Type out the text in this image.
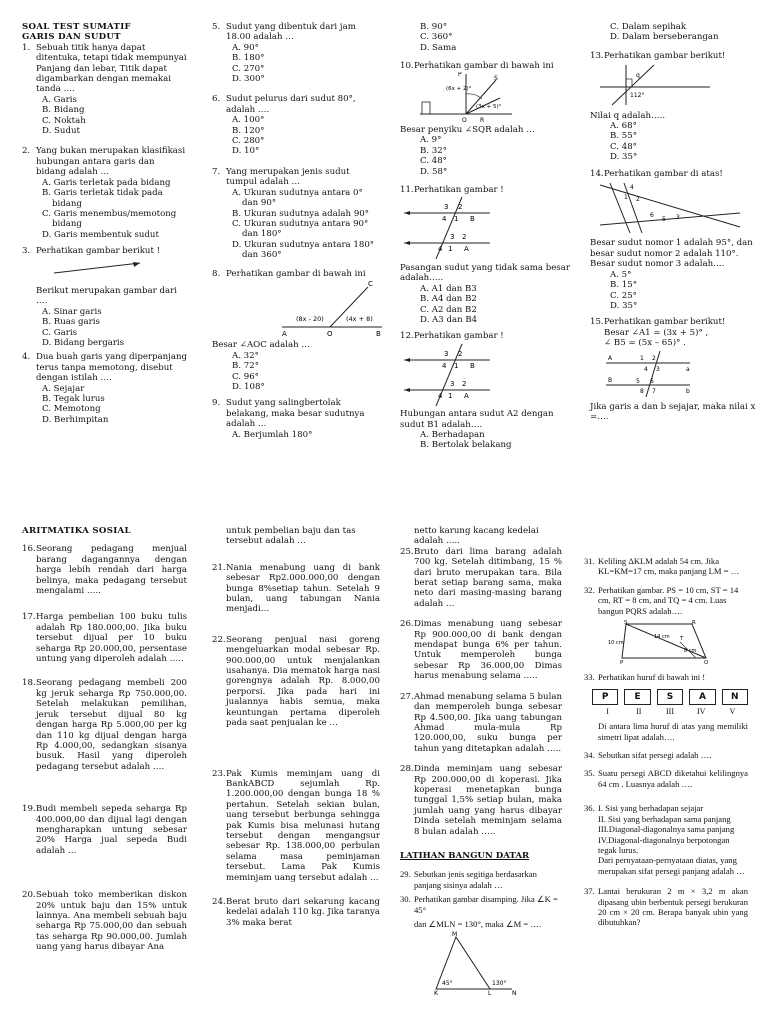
SOAL TEST SUMATIF
GARIS DAN SUDUT
1. Sebuah titik hanya dapat ditentuka, tetapi tidak mempunyai Panjang dan lebar, Titik dapat digambarkan dengan memakai tanda ….
A. Garis
B. Bidang
C. Noktah
D. Sudut
2. Yang bukan merupakan klasifikasi hubungan antara garis dan bidang adalah …
A. Garis terletak pada bidang
B. Garis terletak tidak pada bidang
C. Garis menembus/memotong bidang
D. Garis membentuk sudut
3. Perhatikan gambar berikut !
Berikut merupakan gambar dari ….
A. Sinar garis
B. Ruas garis
C. Garis
D. Bidang bergaris
4. Dua buah garis yang diperpanjang terus tanpa memotong, disebut dengan istilah ….
A. Sejajar
B. Tegak lurus
C. Memotong
D. Berhimpitan
5. Sudut yang dibentuk dari jam 18.00 adalah …
A. 90°
B. 180°
C. 270°
D. 300°
6. Sudut pelurus dari sudut 80°, adalah ….
A. 100°
B. 120°
C. 280°
D. 10°
7. Yang merupakan jenis sudut tumpul adalah …
A. Ukuran sudutnya antara 0° dan 90°
B. Ukuran sudutnya adalah 90°
C. Ukuran sudutnya antara 90° dan 180°
D. Ukuran sudutnya antara 180° dan 360°
8. Perhatikan gambar di bawah ini
(8x - 20)	(4x + 8)
A	O	B
C
Besar ∠AOC adalah …
A. 32°
B. 72°
C. 96°
D. 108°
9. Sudut yang salingbertolak belakang, maka besar sudutnya adalah …
A. Berjumlah 180°
B. 90°
C. 360°
D. Sama
10. Perhatikan gambar di bawah ini
(6x + 2)°
(3x + 5)°
P
S
Q R
Besar penyiku ∠SQR adalah …
A. 9°
B. 32°
C. 48°
D. 58°
11. Perhatikan gambar !
3 2
4 1 B
3 2
4 1 A
Pasangan sudut yang tidak sama besar adalah…..
A. A1 dan B3
B. A4 dan B2
C. A2 dan B2
D. A3 dan B4
12. Perhatikan gambar !
3 2
4 1 B
3 2
4 1 A
Hubungan antara sudut A2 dengan sudut B1 adalah….
A. Berhadapan
B. Bertolak belakang
C. Dalam sepihak
D. Dalam berseberangan
13. Perhatikan gambar berikut!
112°
q
Nilai q adalah…..
A. 68°
B. 55°
C. 48°
D. 35°
14. Perhatikan gambar di atas!
4
1 2
6
5 3
Besar sudut nomor 1 adalah 95°, dan besar sudut nomor 2 adalah 110°. Besar sudut nomor 3 adalah….
A. 5°
B. 15°
C. 25°
D. 35°
15. Perhatikan gambar berikut!
Besar ∠A1 = (3x + 5)° ,
∠ B5 = (5x – 65)° .
A
B
1 2
4 3	a
5 6
8 7	b
Jika garis a dan b sejajar, maka nilai x =….
ARITMATIKA SOSIAL
16. Seorang pedagang menjual barang dagangannya dengan harga lebih rendah dari harga belinya, maka pedagang tersebut mengalami …..
17. Harga pembelian 100 buku tulis adalah Rp 180.000,00. Jika buku tersebut dijual per 10 buku seharga Rp 20.000,00, persentase untung yang diperoleh adalah …..
18. Seorang pedagang membeli 200 kg jeruk seharga Rp 750.000,00. Setelah melakukan pemilihan, jeruk tersebut dijual 80 kg dengan harga Rp 5.000,00 per kg dan 110 kg dijual dengan harga Rp 4.000,00, sedangkan sisanya busuk. Hasil yang diperoleh pedagang tersebut adalah ….
19. Budi membeli sepeda seharga Rp 400.000,00 dan dijual lagi dengan mengharapkan untung sebesar 20% Harga jual sepeda Budi adalah …
20. Sebuah toko memberikan diskon 20% untuk baju dan 15% untuk lainnya. Ana membeli sebuah baju seharga Rp 75.000,00 dan sebuah tas seharga Rp 90.000,00. Jumlah uang yang harus dibayar Ana
untuk pembelian baju dan tas tersebut adalah …
21. Nania menabung uang di bank sebesar Rp2.000.000,00 dengan bunga 8%setiap tahun. Setelah 9 bulan, uang tabungan Nania menjadi…
22. Seorang penjual nasi goreng mengeluarkan modal sebesar Rp. 900.000,00 untuk menjalankan usahanya. Dia mematok harga nasi gorengnya adalah Rp. 8.000,00 perporsi. Jika pada hari ini jualannya habis semua, maka keuntungan pertama diperoleh pada saat penjualan ke …
23. Pak Kumis meminjam uang di BankABCD sejumlah Rp. 1.200.000,00 dengan bunga 18 % pertahun. Setelah sekian bulan, uang tersebut berbunga sehingga pak Kumis bisa melunasi hutang tersebut dengan mengangsur sebesar Rp. 138.000,00 perbulan selama masa peminjaman tersebut. Lama Pak Kumis meminjam uang tersebut adalah …
24. Berat bruto dari sekarung kacang kedelai adalah 110 kg. Jika taranya 3% maka berat
netto karung kacang kedelai adalah …..
25. Bruto dari lima barang adalah 700 kg. Setelah ditimbang, 15 % dari bruto merupakan tara. Bila berat setiap barang sama, maka neto dari masing-masing barang adalah …
26. Dimas menabung uang sebesar Rp 900.000,00 di bank dengan mendapat bunga 6% per tahun. Untuk memperoleh bunga sebesar Rp 36.000,00 Dimas harus menabung selama …..
27. Ahmad menabung selama 5 bulan dan memperoleh bunga sebesar Rp 4.500,00. Jika uang tabungan Ahmad mula-mula Rp 120.000,00, suku bunga per tahun yang ditetapkan adalah …..
28. Dinda meminjam uang sebesar Rp 200.000,00 di koperasi. Jika koperasi menetapkan bunga tunggal 1,5% setiap bulan, maka jumlah uang yang harus dibayar Dinda setelah meminjam selama 8 bulan adalah …..
LATIHAN BANGUN DATAR
29. Sebutkan jenis segitiga berdasarkan panjang sisinya adalah …
30. Perhatikan gambar disamping. Jika ∠K = 45°
dan ∠MLN = 130°, maka ∠M = ….
M
K	L	N
45°	130°
31. Keliling ΔKLM adalah 54 cm. Jika KL=KM=17 cm, maka panjang LM = …
32. Perhatikan gambar. PS = 10 cm, ST = 14 cm, RT = 8 cm, and TQ = 4 cm. Luas bangun PQRS adalah….
P	Q
R
S
T
14 cm
8 cm
10 cm
33. Perhatikan huruf di bawah ini !
P	E	S	A	N
I	II	III	IV	V
Di antara lima huruf di atas yang memiliki simetri lipat adalah….
34. Sebutkan sifat persegi adalah ….
35. Suatu persegi ABCD diketahui kelilingnya 64 cm . Luasnya adalah ….
36. I. Sisi yang berhadapan sejajar
II. Sisi yang berhadapan sama panjang
III.Diagonal-diagonalnya sama panjang
IV.Diagonal-diagonalnya berpotongan tegak lurus.
Dari pernyataan-pernyataan diatas, yang merupakan sifat persegi panjang adalah …
37. Lantai berukuran 2 m × 3,2 m akan dipasang ubin berbentuk persegi berukuran 20 cm × 20 cm. Berapa banyak ubin yang dibutuhkan?
